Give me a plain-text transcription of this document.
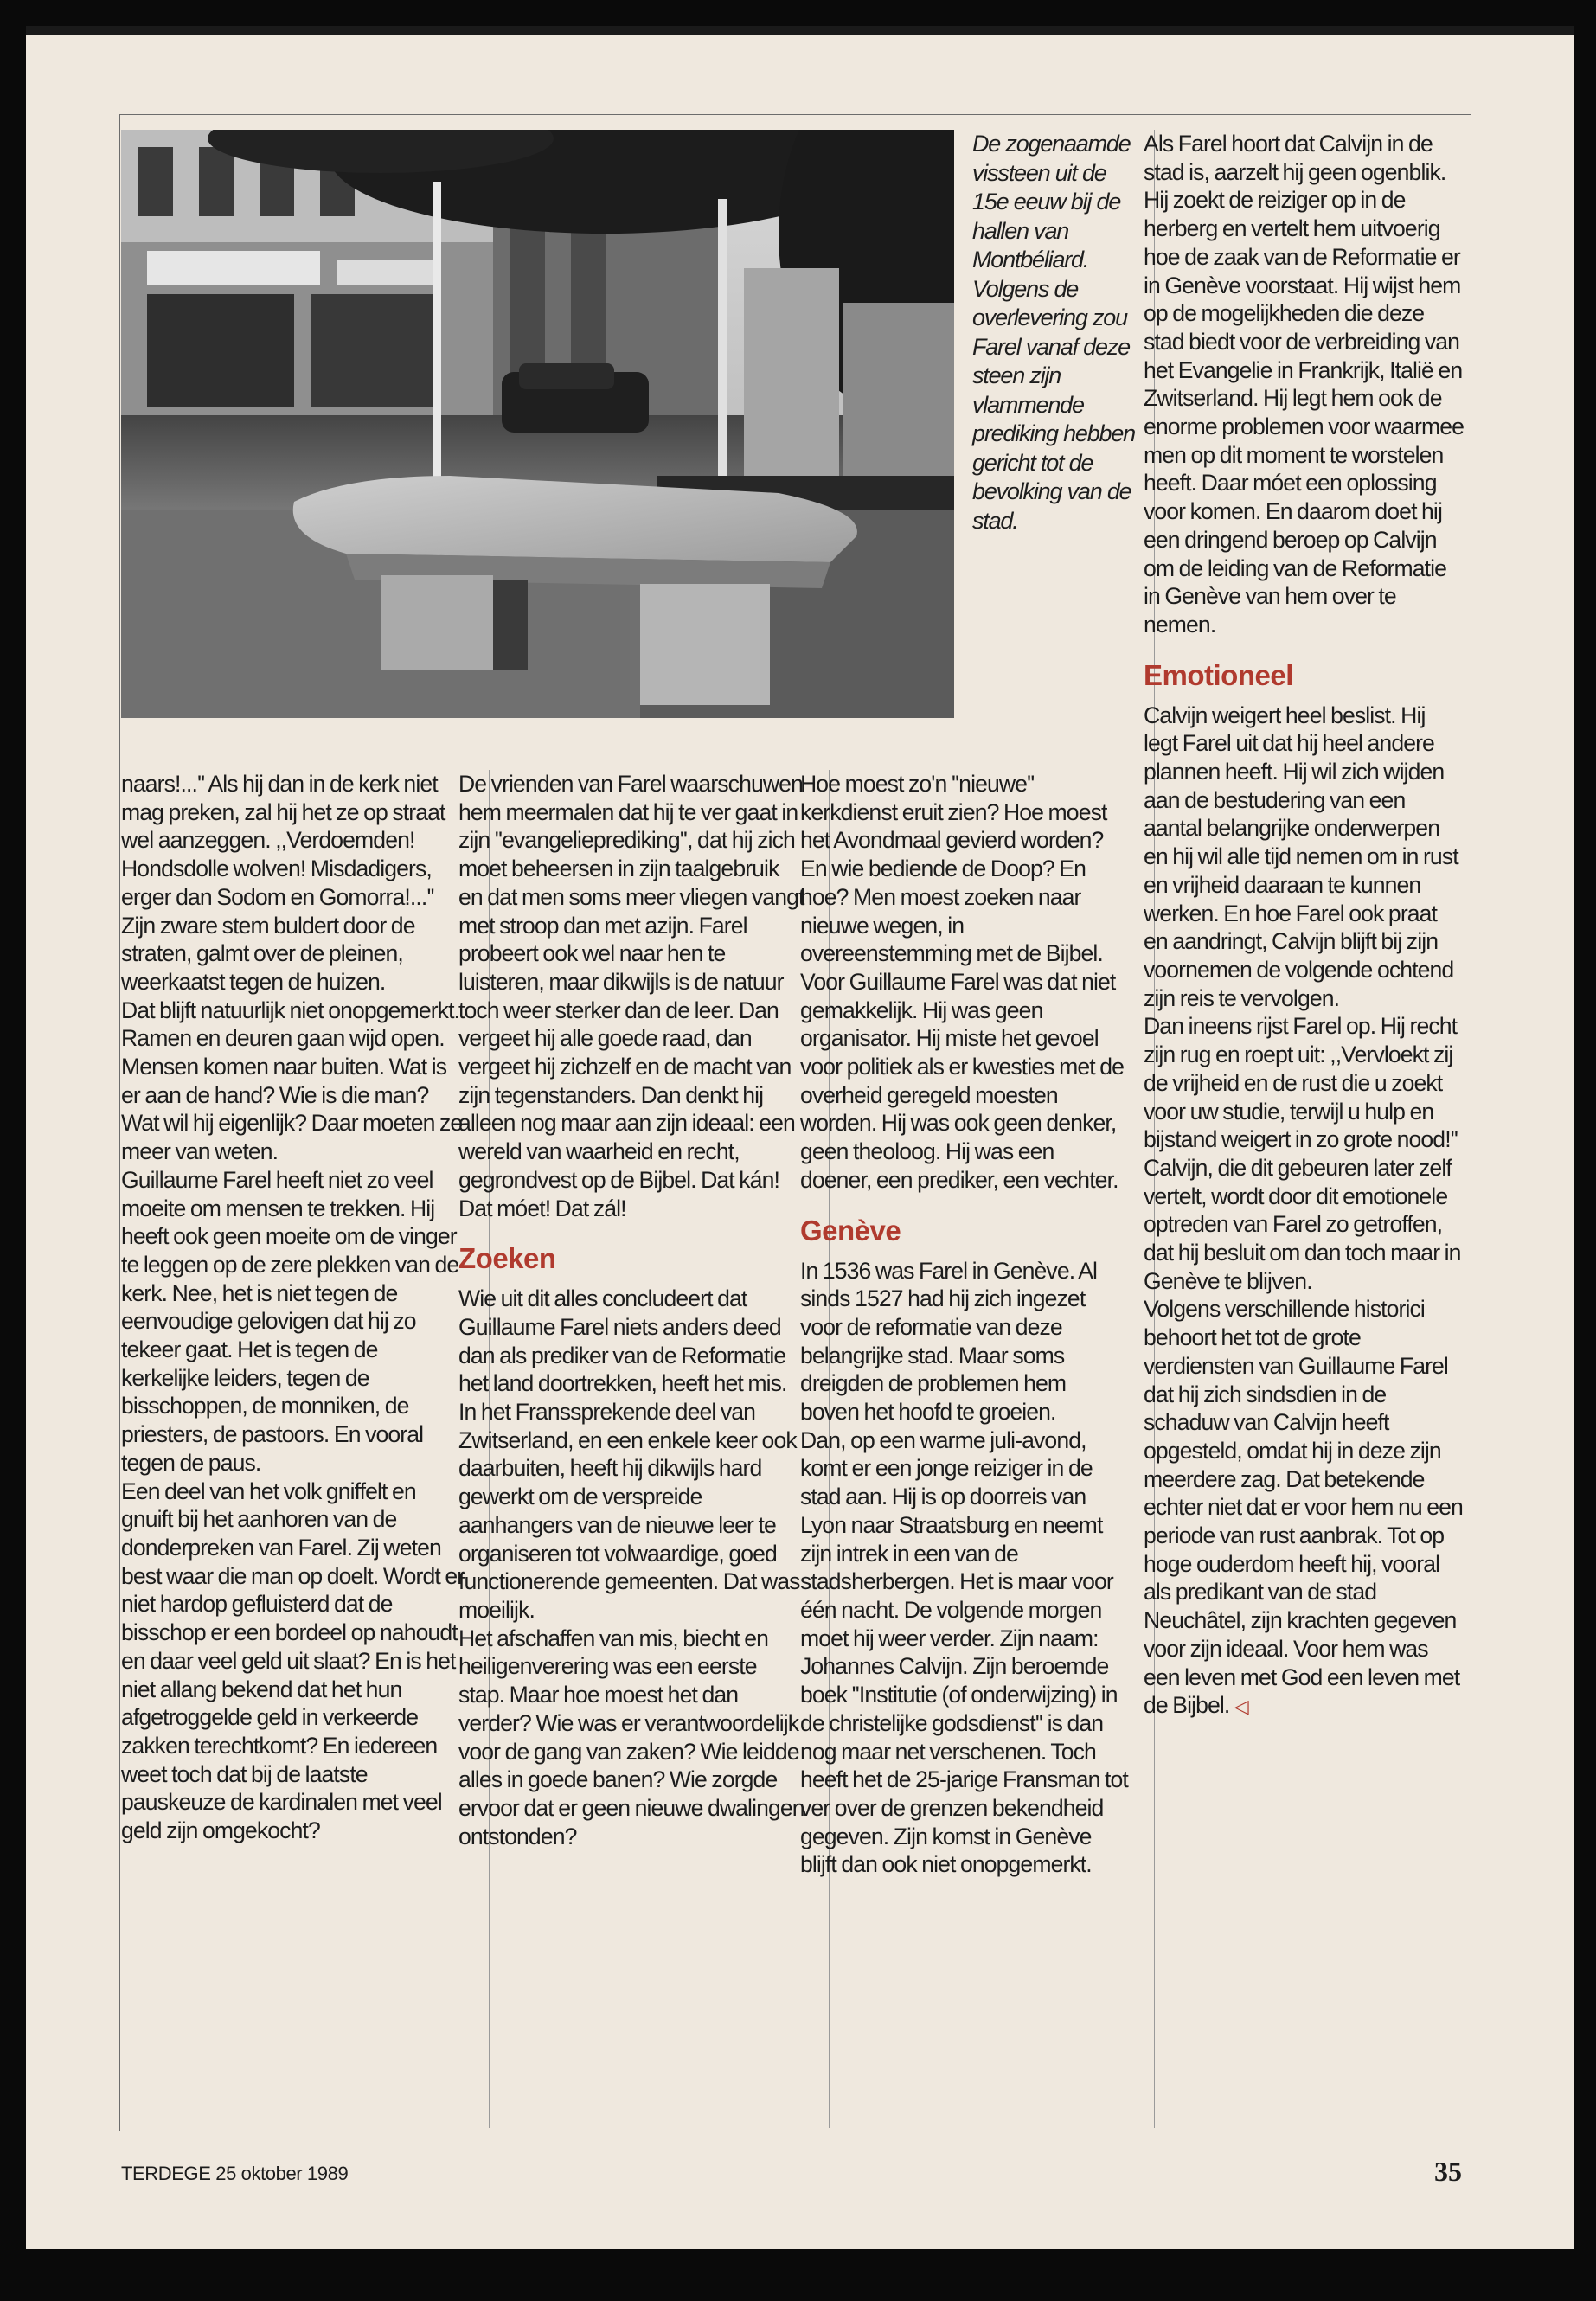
De zogenaamde vissteen uit de 15e eeuw bij de hallen van Montbéliard. Volgens de overlevering zou Farel vanaf deze steen zijn vlammende prediking hebben gericht tot de bevolking van de stad.

naars!...'' Als hij dan in de kerk niet mag preken, zal hij het ze op straat wel aanzeggen. ,,Verdoemden! Hondsdolle wolven! Misdadigers, erger dan Sodom en Gomorra!...'' Zijn zware stem buldert door de straten, galmt over de pleinen, weerkaatst tegen de huizen.

Dat blijft natuurlijk niet onopgemerkt. Ramen en deuren gaan wijd open. Mensen komen naar buiten. Wat is er aan de hand? Wie is die man? Wat wil hij eigenlijk? Daar moeten ze meer van weten.

Guillaume Farel heeft niet zo veel moeite om mensen te trekken. Hij heeft ook geen moeite om de vinger te leggen op de zere plekken van de kerk. Nee, het is niet tegen de eenvoudige gelovigen dat hij zo tekeer gaat. Het is tegen de kerkelijke leiders, tegen de bisschoppen, de monniken, de priesters, de pastoors. En vooral tegen de paus.

Een deel van het volk gniffelt en gnuift bij het aanhoren van de donderpreken van Farel. Zij weten best waar die man op doelt. Wordt er niet hardop gefluisterd dat de bisschop er een bordeel op nahoudt en daar veel geld uit slaat? En is het niet allang bekend dat het hun afgetroggelde geld in verkeerde zakken terechtkomt? En iedereen weet toch dat bij de laatste pauskeuze de kardinalen met veel geld zijn omgekocht?

De vrienden van Farel waarschuwen hem meermalen dat hij te ver gaat in zijn ''evangelieprediking'', dat hij zich moet beheersen in zijn taalgebruik en dat men soms meer vliegen vangt met stroop dan met azijn. Farel probeert ook wel naar hen te luisteren, maar dikwijls is de natuur toch weer sterker dan de leer. Dan vergeet hij alle goede raad, dan vergeet hij zichzelf en de macht van zijn tegenstanders. Dan denkt hij alleen nog maar aan zijn ideaal: een wereld van waarheid en recht, gegrondvest op de Bijbel. Dat kán! Dat móet! Dat zál!

Zoeken

Wie uit dit alles concludeert dat Guillaume Farel niets anders deed dan als prediker van de Reformatie het land doortrekken, heeft het mis. In het Franssprekende deel van Zwitserland, en een enkele keer ook daarbuiten, heeft hij dikwijls hard gewerkt om de verspreide aanhangers van de nieuwe leer te organiseren tot volwaardige, goed functionerende gemeenten. Dat was moeilijk.

Het afschaffen van mis, biecht en heiligenverering was een eerste stap. Maar hoe moest het dan verder? Wie was er verantwoordelijk voor de gang van zaken? Wie leidde alles in goede banen? Wie zorgde ervoor dat er geen nieuwe dwalingen ontstonden?

Hoe moest zo'n ''nieuwe'' kerkdienst eruit zien? Hoe moest het Avondmaal gevierd worden? En wie bediende de Doop? En hoe? Men moest zoeken naar nieuwe wegen, in overeenstemming met de Bijbel.

Voor Guillaume Farel was dat niet gemakkelijk. Hij was geen organisator. Hij miste het gevoel voor politiek als er kwesties met de overheid geregeld moesten worden. Hij was ook geen denker, geen theoloog. Hij was een doener, een prediker, een vechter.

Genève

In 1536 was Farel in Genève. Al sinds 1527 had hij zich ingezet voor de reformatie van deze belangrijke stad. Maar soms dreigden de problemen hem boven het hoofd te groeien.

Dan, op een warme juli-avond, komt er een jonge reiziger in de stad aan. Hij is op doorreis van Lyon naar Straatsburg en neemt zijn intrek in een van de stadsherbergen. Het is maar voor één nacht. De volgende morgen moet hij weer verder. Zijn naam: Johannes Calvijn. Zijn beroemde boek ''Institutie (of onderwijzing) in de christelijke godsdienst'' is dan nog maar net verschenen. Toch heeft het de 25-jarige Fransman tot ver over de grenzen bekendheid gegeven. Zijn komst in Genève blijft dan ook niet onopgemerkt.

Als Farel hoort dat Calvijn in de stad is, aarzelt hij geen ogenblik. Hij zoekt de reiziger op in de herberg en vertelt hem uitvoerig hoe de zaak van de Reformatie er in Genève voorstaat. Hij wijst hem op de mogelijkheden die deze stad biedt voor de verbreiding van het Evangelie in Frankrijk, Italië en Zwitserland. Hij legt hem ook de enorme problemen voor waarmee men op dit moment te worstelen heeft. Daar móet een oplossing voor komen. En daarom doet hij een dringend beroep op Calvijn om de leiding van de Reformatie in Genève van hem over te nemen.

Emotioneel

Calvijn weigert heel beslist. Hij legt Farel uit dat hij heel andere plannen heeft. Hij wil zich wijden aan de bestudering van een aantal belangrijke onderwerpen en hij wil alle tijd nemen om in rust en vrijheid daaraan te kunnen werken. En hoe Farel ook praat en aandringt, Calvijn blijft bij zijn voornemen de volgende ochtend zijn reis te vervolgen.

Dan ineens rijst Farel op. Hij recht zijn rug en roept uit: ,,Vervloekt zij de vrijheid en de rust die u zoekt voor uw studie, terwijl u hulp en bijstand weigert in zo grote nood!'' Calvijn, die dit gebeuren later zelf vertelt, wordt door dit emotionele optreden van Farel zo getroffen, dat hij besluit om dan toch maar in Genève te blijven.

Volgens verschillende historici behoort het tot de grote verdiensten van Guillaume Farel dat hij zich sindsdien in de schaduw van Calvijn heeft opgesteld, omdat hij in deze zijn meerdere zag. Dat betekende echter niet dat er voor hem nu een periode van rust aanbrak. Tot op hoge ouderdom heeft hij, vooral als predikant van de stad Neuchâtel, zijn krachten gegeven voor zijn ideaal. Voor hem was een leven met God een leven met de Bijbel. ◁

TERDEGE 25 oktober 1989	35
